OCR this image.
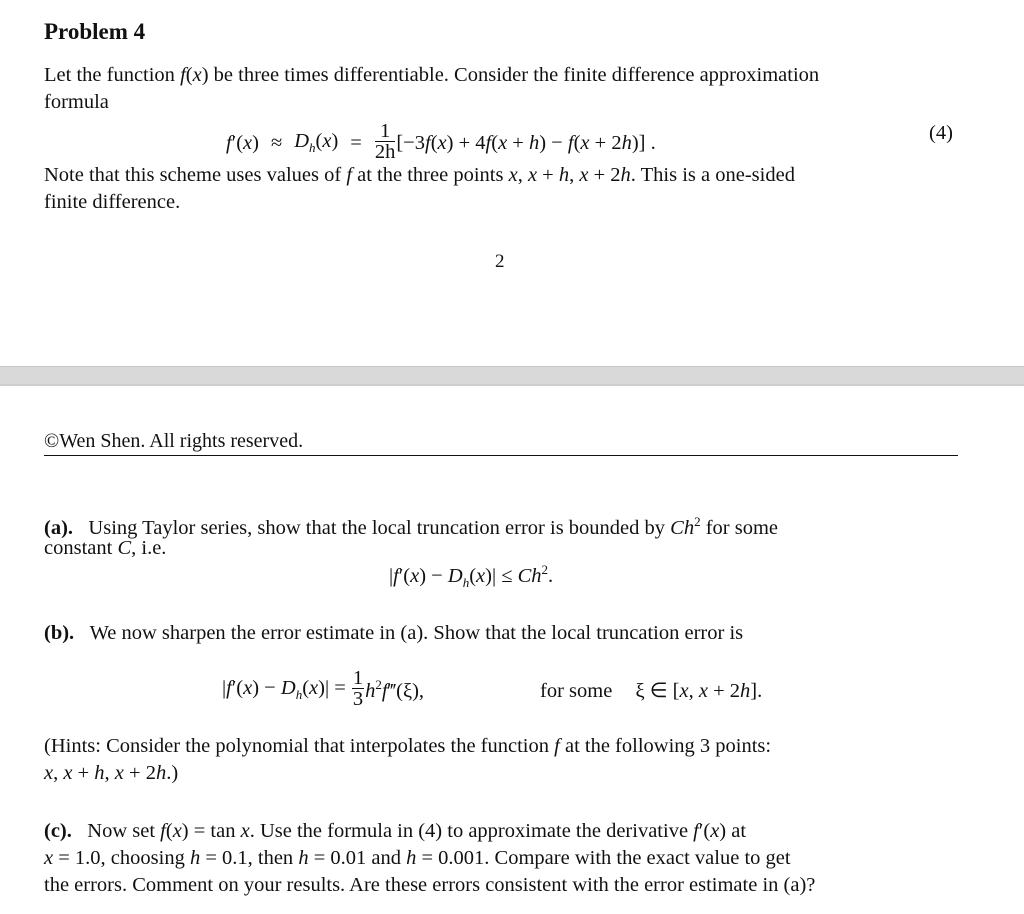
Problem 4
Let the function f(x) be three times differentiable. Consider the finite difference approximation
formula
$f'(x) \approx D_h(x) = \frac{1}{2h} [-3f(x) + 4f(x + h) - f(x + 2h)]$ .	(4)
Note that this scheme uses values of f at the three points x, x + h, x + 2h. This is a one-sided
finite difference.
2
©Wen Shen. All rights reserved.
(a).   Using Taylor series, show that the local truncation error is bounded by Ch$^2$ for some
constant C, i.e.
$|f'(x) - D_h(x)| \le Ch^2$.
(b). We now sharpen the error estimate in (a). Show that the local truncation error is
$|f'(x) - D_h(x)| = \frac{1}{3}$ $h^2f‴(\xi)$,	for some ξ ∈ [x, x + 2h].
(Hints: Consider the polynomial that interpolates the function f at the following 3 points:
x, x + h, x + 2h.)
(c).   Now set f(x) = tan x. Use the formula in (4) to approximate the derivative f′(x) at
x = 1.0, choosing h = 0.1, then h = 0.01 and h = 0.001. Compare with the exact value to get
the errors. Comment on your results. Are these errors consistent with the error estimate in (a)?
